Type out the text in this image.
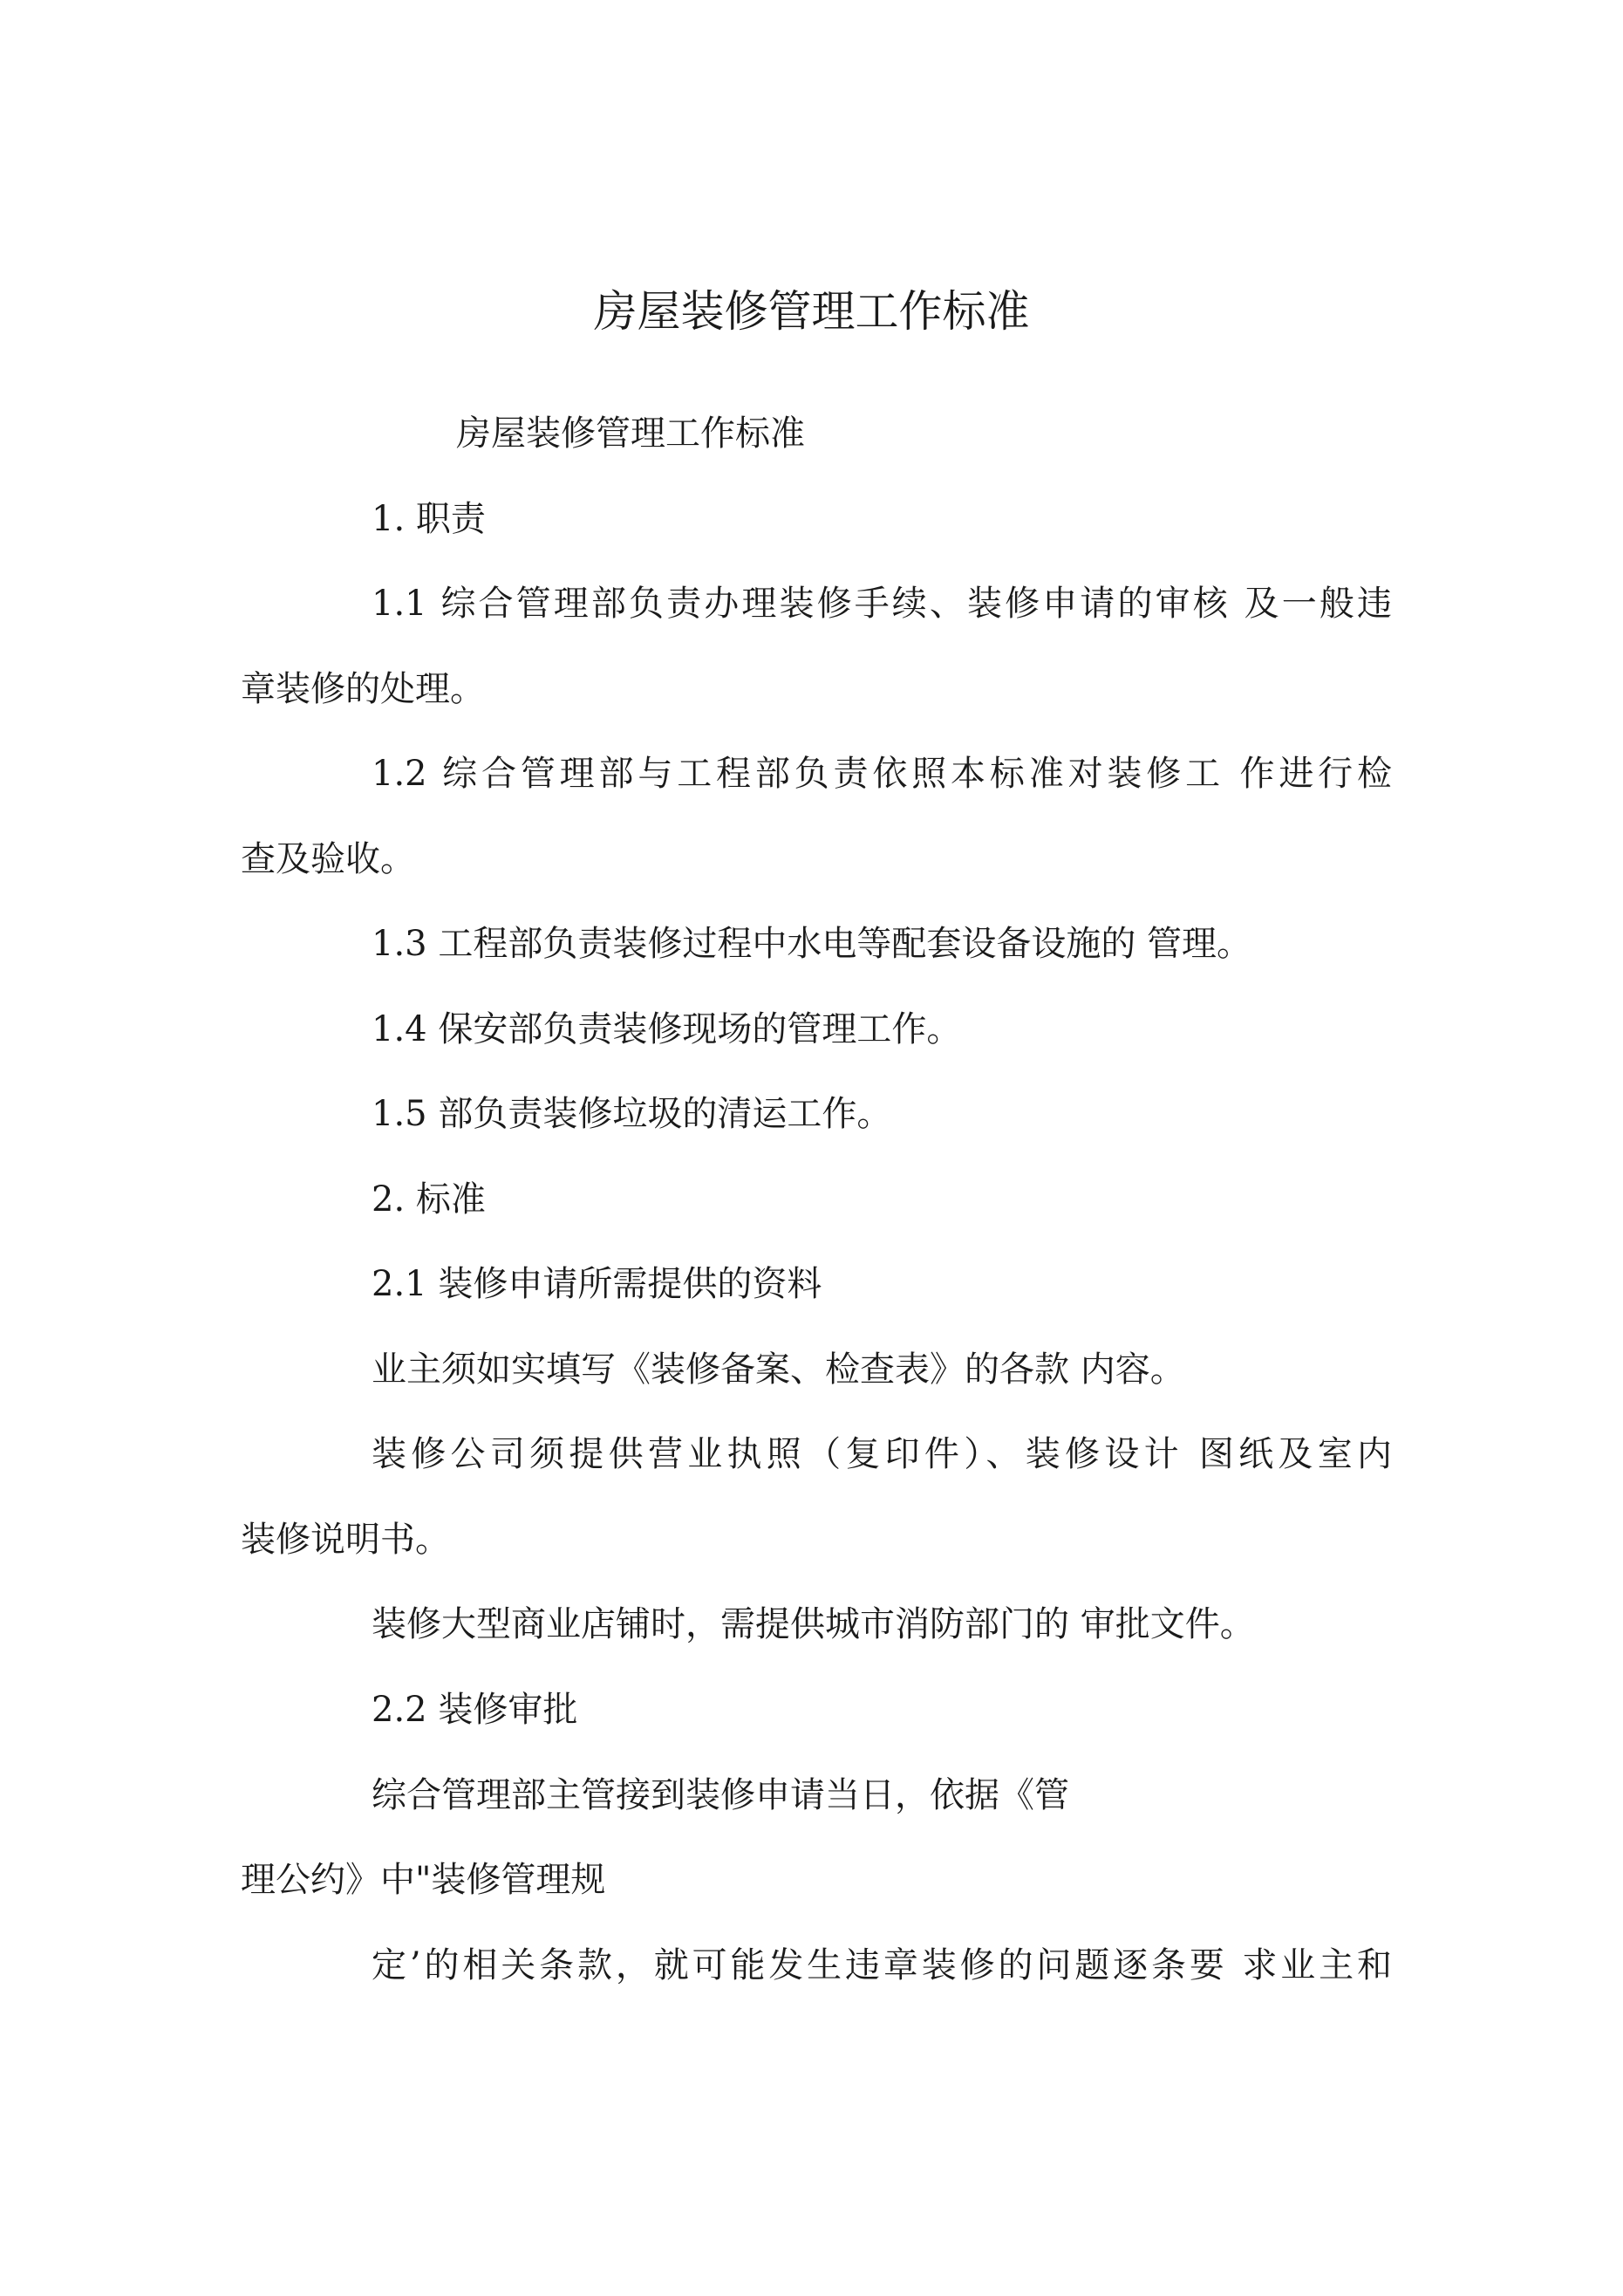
房屋装修管理工作标准
房屋装修管理工作标准
1. 职责
1.1 综合管理部负责办理装修手续、装修申请的审核 及一般违
章装修的处理。
1.2 综合管理部与工程部负责依照本标准对装修工 作进行检
查及验收。
1.3 工程部负责装修过程中水电等配套设备设施的 管理。
1.4 保安部负责装修现场的管理工作。
1.5 部负责装修垃圾的清运工作。
2. 标准
2.1 装修申请所需提供的资料
业主须如实填写《装修备案、检查表》的各款 内容。
装修公司须提供营业执照（复印件）、装修设计 图纸及室内
装修说明书。
装修大型商业店铺时，需提供城市消防部门的 审批文件。
2.2 装修审批
综合管理部主管接到装修申请当日，依据《管
理公约》中"装修管理规
定’的相关条款，就可能发生违章装修的问题逐条要 求业主和
